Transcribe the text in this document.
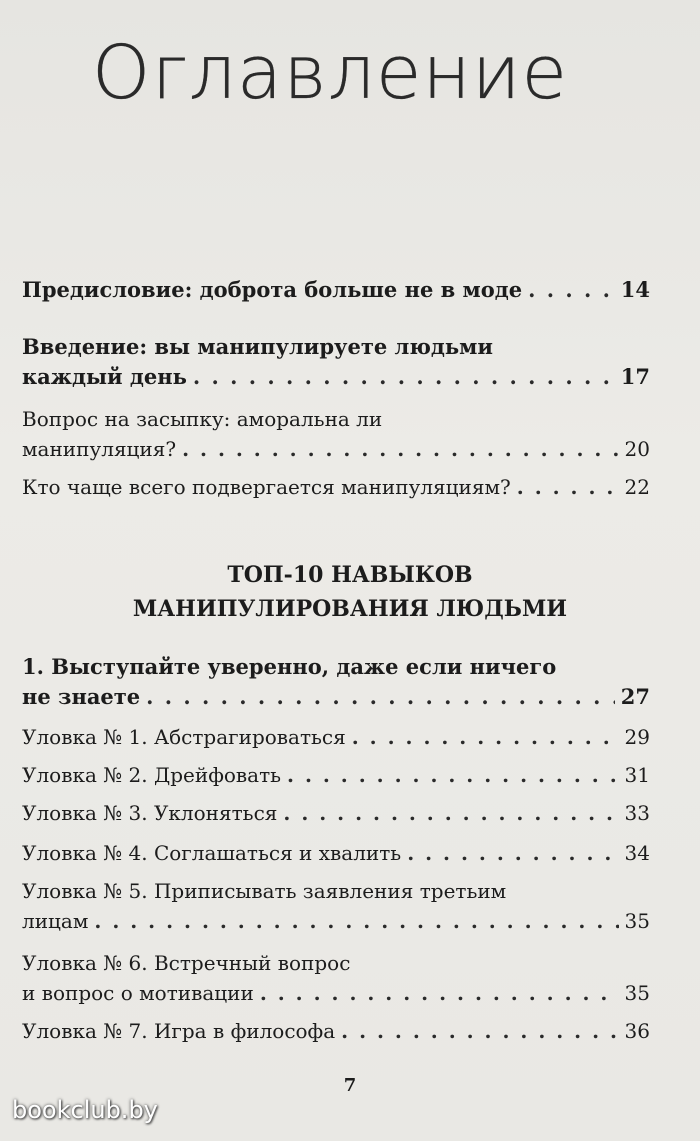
Оглавление
Предисловие: доброта больше не в моде . . .	14
Введение: вы манипулируете людьми
каждый день . . .	17
Вопрос на засыпку: аморальна ли
манипуляция? . . .	20
Кто чаще всего подвергается манипуляциям? . . .	22
ТОП-10 НАВЫКОВ
МАНИПУЛИРОВАНИЯ ЛЮДЬМИ
1. Выступайте уверенно, даже если ничего
не знаете . . .	27
Уловка № 1. Абстрагироваться . . .	29
Уловка № 2. Дрейфовать . . .	31
Уловка № 3. Уклоняться . . .	33
Уловка № 4. Соглашаться и хвалить . . .	34
Уловка № 5. Приписывать заявления третьим
лицам . . .	35
Уловка № 6. Встречный вопрос
и вопрос о мотивации . . .	35
Уловка № 7. Игра в философа . . .	36
7
bookclub.by
